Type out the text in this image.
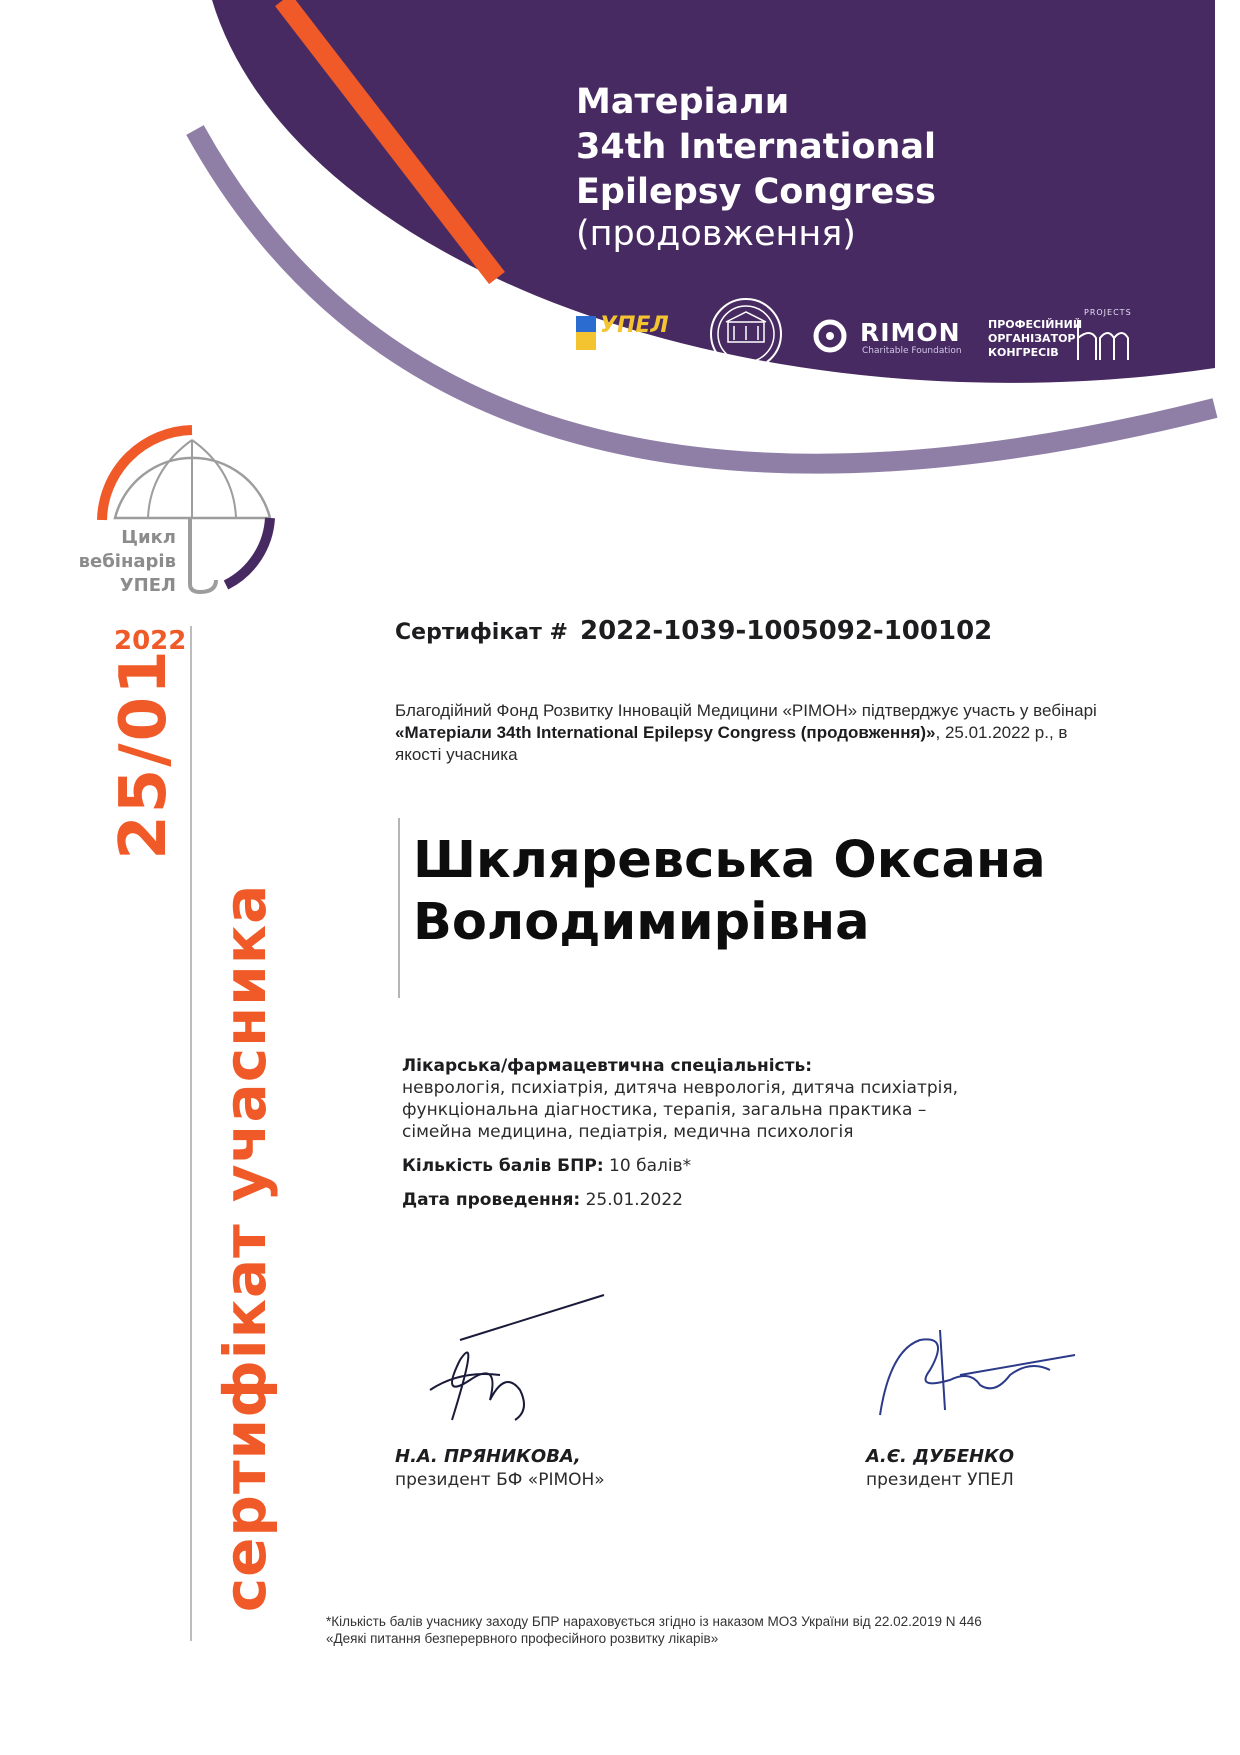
Матеріали
34th International
Epilepsy Congress
(продовження)
УПЕЛ	RIMON
Charitable Foundation
ПРОФЕСІЙНИЙ
ОРГАНІЗАТОР
КОНГРЕСІВ
PROJECTS
Цикл
вебінарів
УПЕЛ
2022
25/01
сертифікат учасника
Сертифікат # 2022-1039-1005092-100102
Благодійний Фонд Розвитку Інновацій Медицини «РІМОН» підтверджує участь у вебінарі «Матеріали 34th International Epilepsy Congress (продовження)», 25.01.2022 р., в якості учасника
Шклярeвська Оксана
Володимирівна
Лікарська/фармацевтична спеціальність:
неврологія, психіатрія, дитяча неврологія, дитяча психіатрія,
функціональна діагностика, терапія, загальна практика –
сімейна медицина, педіатрія, медична психологія
Кількість балів БПР: 10 балів*
Дата проведення: 25.01.2022
Н.А. ПРЯНИКОВА,
президент БФ «РІМОН»
А.Є. ДУБЕНКО
президент УПЕЛ
*Кількість балів учаснику заходу БПР нараховується згідно із наказом МОЗ України від 22.02.2019 N 446
«Деякі питання безперервного професійного розвитку лікарів»
